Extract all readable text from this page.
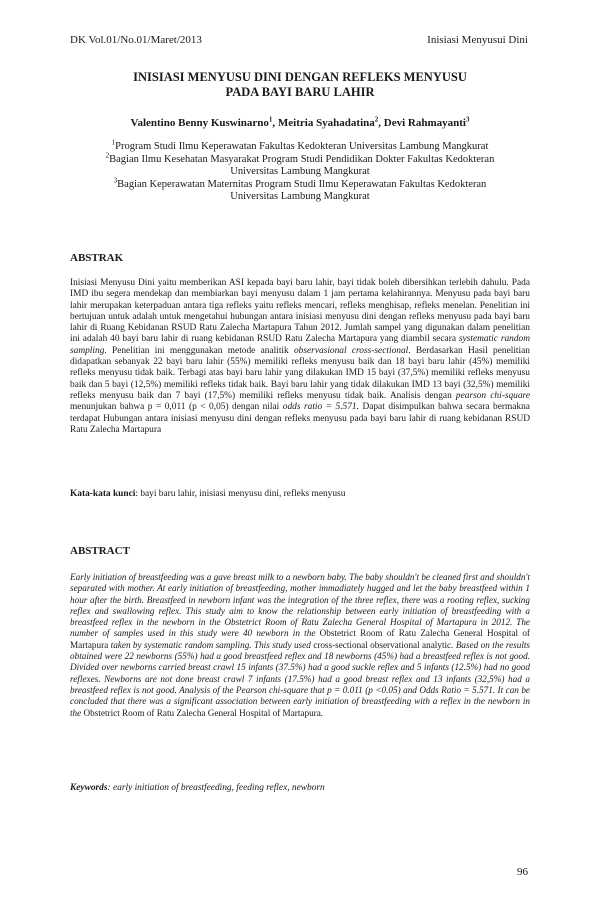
DK Vol.01/No.01/Maret/2013	Inisiasi Menyusui Dini
INISIASI MENYUSU DINI DENGAN REFLEKS MENYUSU
PADA BAYI BARU LAHIR
Valentino Benny Kuswinarno$^1$, Meitria Syahadatina$^2$, Devi Rahmayanti$^3$

$^1$Program Studi Ilmu Keperawatan Fakultas Kedokteran Universitas Lambung Mangkurat

$^2$Bagian Ilmu Kesehatan Masyarakat Program Studi Pendidikan Dokter Fakultas Kedokteran Universitas Lambung Mangkurat

$^3$Bagian Keperawatan Maternitas Program Studi Ilmu Keperawatan Fakultas Kedokteran Universitas Lambung Mangkurat

ABSTRAK

Inisiasi Menyusu Dini yaitu memberikan ASI kepada bayi baru lahir, bayi tidak boleh dibersihkan terlebih dahulu. Pada IMD ibu segera mendekap dan membiarkan bayi menyusu dalam 1 jam pertama kelahirannya. Menyusu pada bayi baru lahir merupakan keterpaduan antara tiga refleks yaitu refleks mencari, refleks menghisap, refleks menelan. Penelitian ini bertujuan untuk adalah untuk mengetahui hubungan antara inisiasi menyusu dini dengan refleks menyusu pada bayi baru lahir di Ruang Kebidanan RSUD Ratu Zalecha Martapura Tahun 2012. Jumlah sampel yang digunakan dalam penelitian ini adalah 40 bayi baru lahir di ruang kebidanan RSUD Ratu Zalecha Martapura yang diambil secara systematic random sampling. Penelitian ini menggunakan metode analitik observasional cross-sectional. Berdasarkan Hasil penelitian didapatkan sebanyak 22 bayi baru lahir (55%) memiliki refleks menyusu baik dan 18 bayi baru lahir (45%) memiliki refleks menyusu tidak baik. Terbagi atas bayi baru lahir yang dilakukan IMD 15 bayi (37,5%) memiliki refleks menyusu baik dan 5 bayi (12,5%) memiliki refleks tidak baik. Bayi baru lahir yang tidak dilakukan IMD 13 bayi (32,5%) memiliki refleks menyusu baik dan 7 bayi (17,5%) memiliki refleks menyusu tidak baik. Analisis dengan pearson chi-square menunjukan bahwa p = 0,011 (p < 0,05) dengan nilai odds ratio = 5.571. Dapat disimpulkan bahwa secara bermakna terdapat Hubungan antara inisiasi menyusu dini dengan refleks menyusu pada bayi baru lahir di ruang kebidanan RSUD Ratu Zalecha Martapura

Kata-kata kunci: bayi baru lahir, inisiasi menyusu dini, refleks menyusu
ABSTRACT

Early initiation of breastfeeding was a gave breast milk to a newborn baby. The baby shouldn't be cleaned first and shouldn't separated with mother. At early initiation of breastfeeding, mother immadiately hugged and let the baby breastfeed within 1 hour after the birth. Breastfeed in newborn infant was the integration of the three reflex, there was a rooting reflex, sucking reflex and swallowing reflex. This study aim to know the relationship between early initiation of breastfeeding with a breastfeed reflex in the newborn in the Obstetrict Room of Ratu Zalecha General Hospital of Martapura in 2012. The number of samples used in this study were 40 newborn in the Obstetrict Room of Ratu Zalecha General Hospital of Martapura taken by systematic random sampling. This study used cross-sectional observational analytic. Based on the results obtained were 22 newborns (55%) had a good breastfeed reflex and 18 newborns (45%) had a breastfeed reflex is not good. Divided over newborns carried breast crawl 15 infants (37.5%) had a good suckle reflex and 5 infants (12.5%) had no good reflexes. Newborns are not done breast crawl 7 infants (17.5%) had a good breast reflex and 13 infants (32,5%) had a breastfeed reflex is not good. Analysis of the Pearson chi-square that p = 0.011 (p <0.05) and Odds Ratio = 5.571. It can be concluded that there was a significant association between early initiation of breastfeeding with a reflex in the newborn in the Obstetrict Room of Ratu Zalecha General Hospital of Martapura.

Keywords: early initiation of breastfeeding, feeding reflex, newborn
96
